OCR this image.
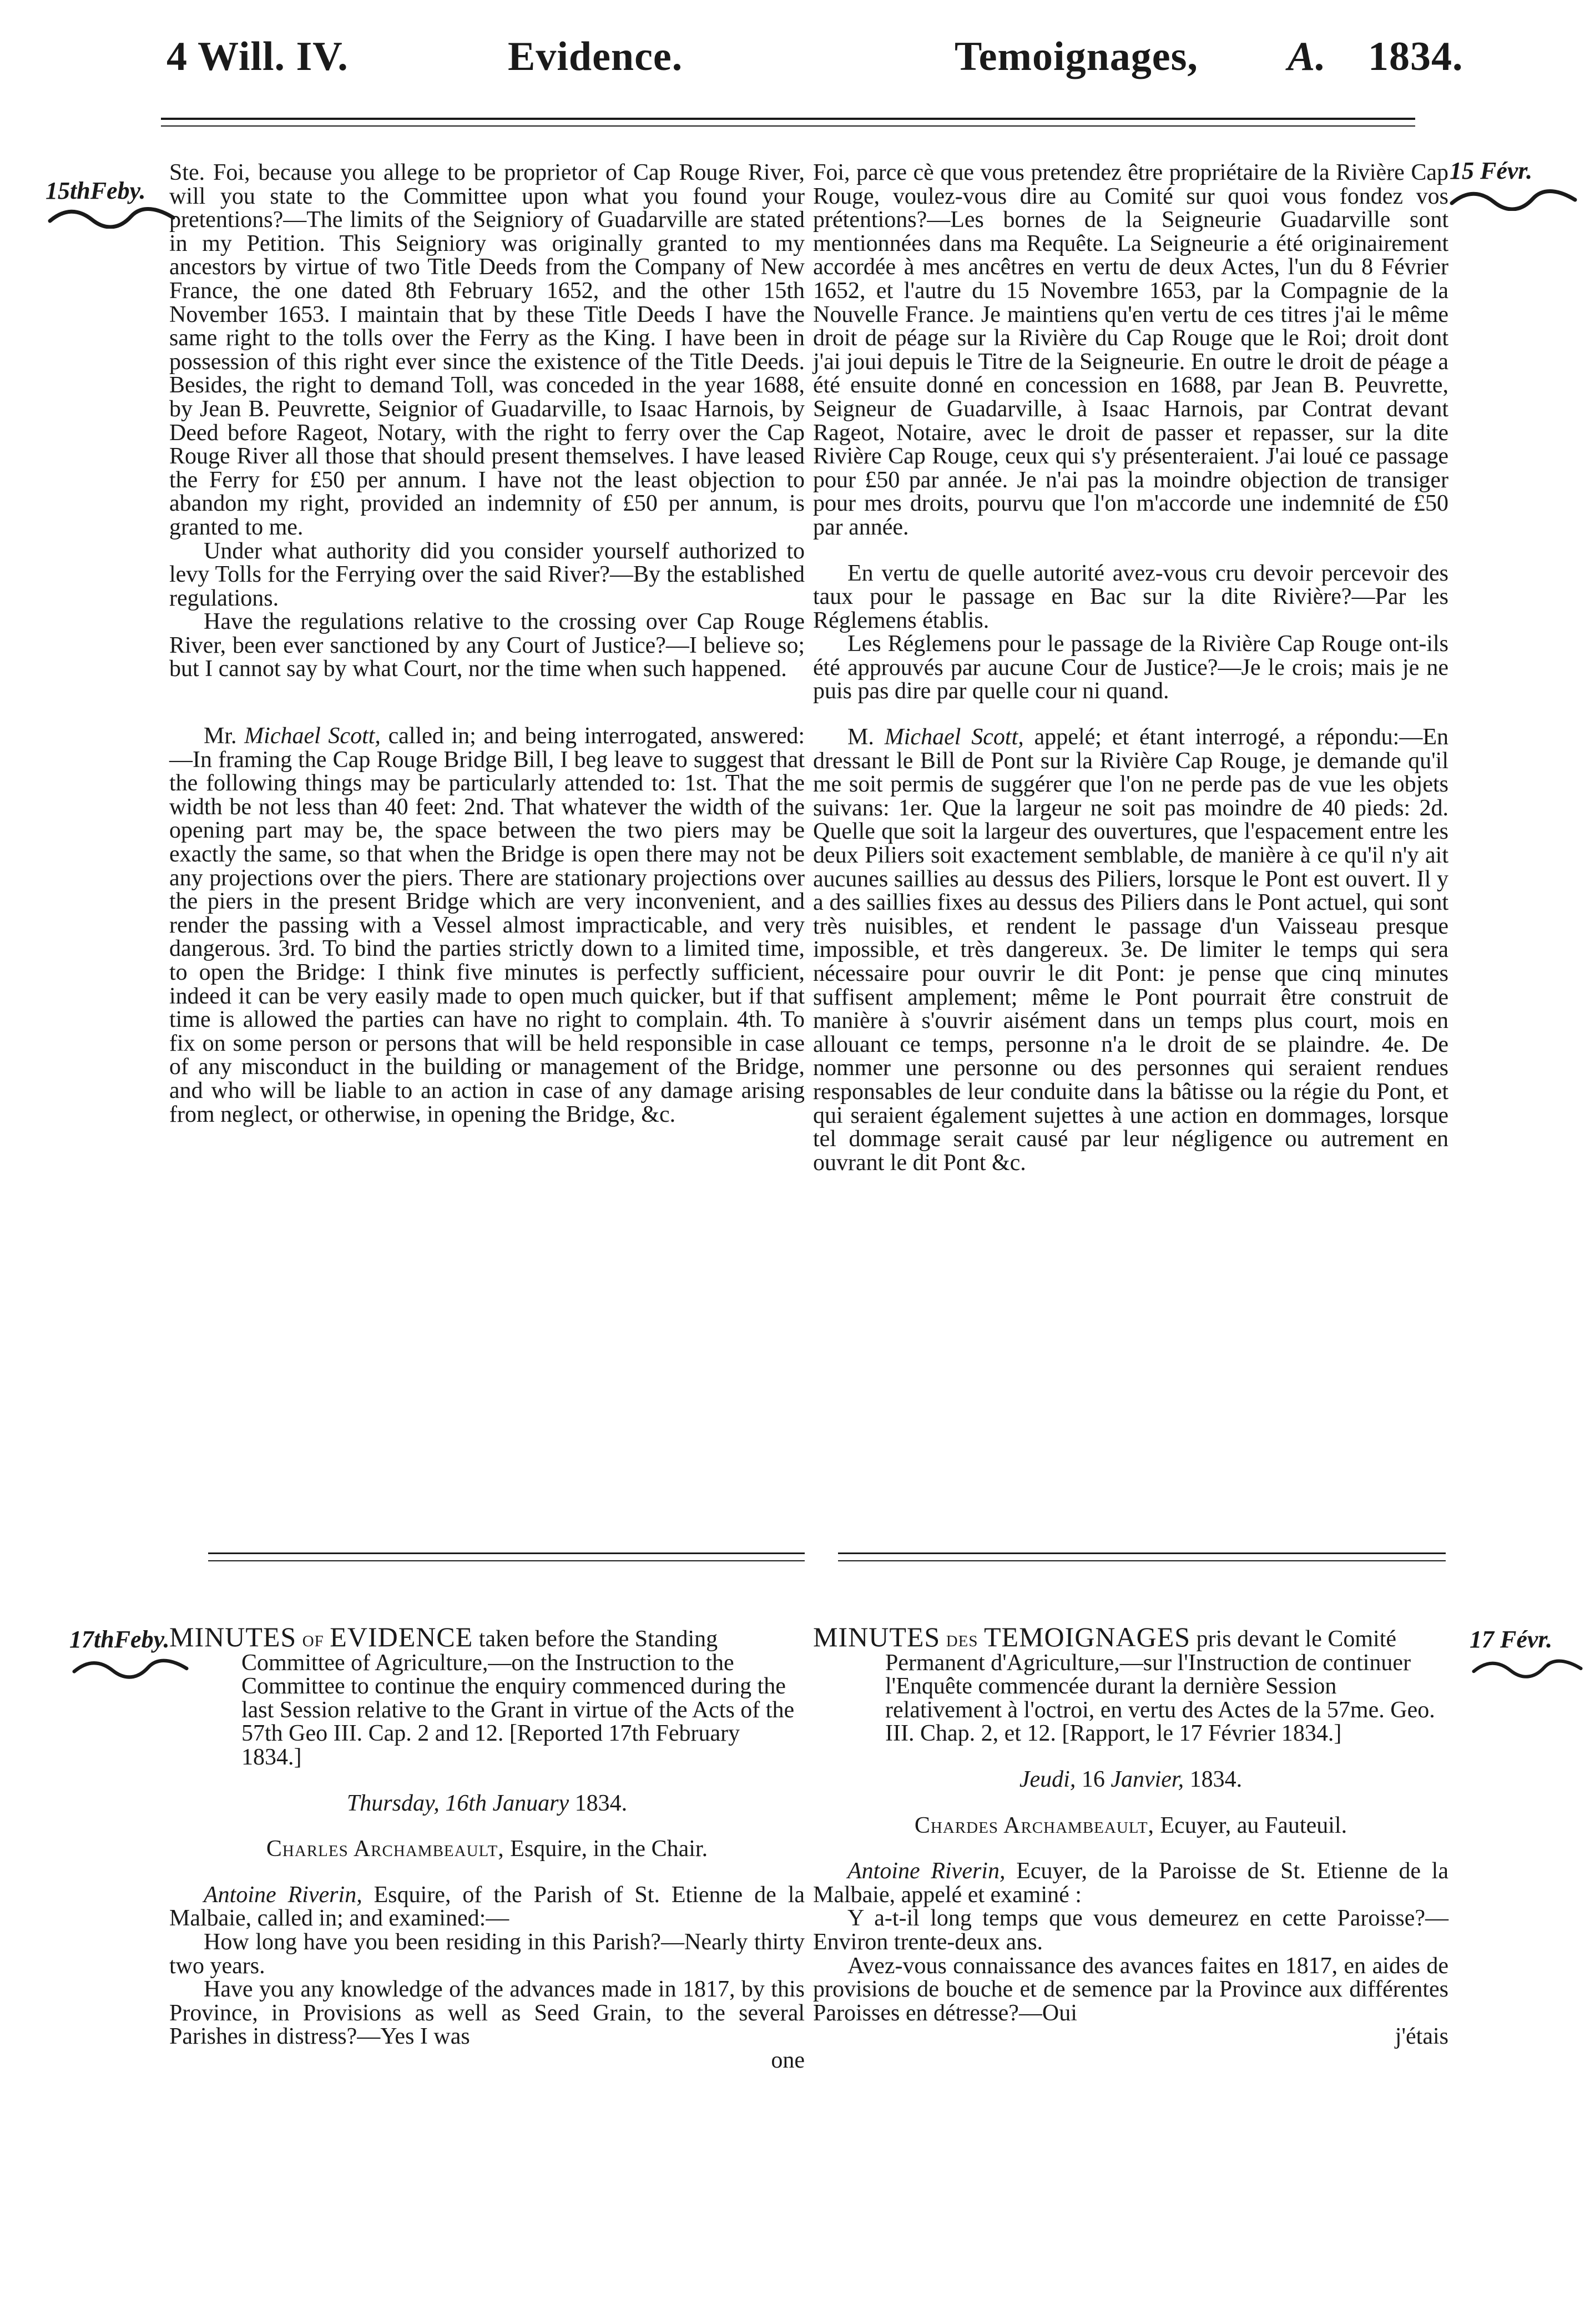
4 Will. IV.	Evidence.	Temoignages, A. 1834.
15thFeby.
15 Févr.

Ste. Foi, because you allege to be proprietor of Cap Rouge River, will you state to the Committee upon what you found your pretentions?—The limits of the Seigniory of Guadarville are stated in my Petition. This Seigniory was originally granted to my ancestors by virtue of two Title Deeds from the Company of New France, the one dated 8th February 1652, and the other 15th November 1653. I maintain that by these Title Deeds I have the same right to the tolls over the Ferry as the King. I have been in possession of this right ever since the existence of the Title Deeds. Besides, the right to demand Toll, was conceded in the year 1688, by Jean B. Peuvrette, Seignior of Guadarville, to Isaac Harnois, by Deed before Rageot, Notary, with the right to ferry over the Cap Rouge River all those that should present themselves. I have leased the Ferry for £50 per annum. I have not the least objection to abandon my right, provided an indemnity of £50 per annum, is granted to me.

Under what authority did you consider yourself authorized to levy Tolls for the Ferrying over the said River?—By the established regulations.

Have the regulations relative to the crossing over Cap Rouge River, been ever sanctioned by any Court of Justice?—I believe so; but I cannot say by what Court, nor the time when such happened.

Mr. Michael Scott, called in; and being interrogated, answered:—In framing the Cap Rouge Bridge Bill, I beg leave to suggest that the following things may be particularly attended to: 1st. That the width be not less than 40 feet: 2nd. That whatever the width of the opening part may be, the space between the two piers may be exactly the same, so that when the Bridge is open there may not be any projections over the piers. There are stationary projections over the piers in the present Bridge which are very inconvenient, and render the passing with a Vessel almost impracticable, and very dangerous. 3rd. To bind the parties strictly down to a limited time, to open the Bridge: I think five minutes is perfectly sufficient, indeed it can be very easily made to open much quicker, but if that time is allowed the parties can have no right to complain. 4th. To fix on some person or persons that will be held responsible in case of any misconduct in the building or management of the Bridge, and who will be liable to an action in case of any damage arising from neglect, or otherwise, in opening the Bridge, &c.

Foi, parce cè que vous pretendez être propriétaire de la Rivière Cap Rouge, voulez-vous dire au Comité sur quoi vous fondez vos prétentions?—Les bornes de la Seigneurie Guadarville sont mentionnées dans ma Requête. La Seigneurie a été originairement accordée à mes ancêtres en vertu de deux Actes, l'un du 8 Février 1652, et l'autre du 15 Novembre 1653, par la Compagnie de la Nouvelle France. Je maintiens qu'en vertu de ces titres j'ai le même droit de péage sur la Rivière du Cap Rouge que le Roi; droit dont j'ai joui depuis le Titre de la Seigneurie. En outre le droit de péage a été ensuite donné en concession en 1688, par Jean B. Peuvrette, Seigneur de Guadarville, à Isaac Harnois, par Contrat devant Rageot, Notaire, avec le droit de passer et repasser, sur la dite Rivière Cap Rouge, ceux qui s'y présenteraient. J'ai loué ce passage pour £50 par année. Je n'ai pas la moindre objection de transiger pour mes droits, pourvu que l'on m'accorde une indemnité de £50 par année.

En vertu de quelle autorité avez-vous cru devoir percevoir des taux pour le passage en Bac sur la dite Rivière?—Par les Réglemens établis.

Les Réglemens pour le passage de la Rivière Cap Rouge ont-ils été approuvés par aucune Cour de Justice?—Je le crois; mais je ne puis pas dire par quelle cour ni quand.

M. Michael Scott, appelé; et étant interrogé, a répondu:—En dressant le Bill de Pont sur la Rivière Cap Rouge, je demande qu'il me soit permis de suggérer que l'on ne perde pas de vue les objets suivans: 1er. Que la largeur ne soit pas moindre de 40 pieds: 2d. Quelle que soit la largeur des ouvertures, que l'espacement entre les deux Piliers soit exactement semblable, de manière à ce qu'il n'y ait aucunes saillies au dessus des Piliers, lorsque le Pont est ouvert. Il y a des saillies fixes au dessus des Piliers dans le Pont actuel, qui sont très nuisibles, et rendent le passage d'un Vaisseau presque impossible, et très dangereux. 3e. De limiter le temps qui sera nécessaire pour ouvrir le dit Pont: je pense que cinq minutes suffisent amplement; même le Pont pourrait être construit de manière à s'ouvrir aisément dans un temps plus court, mois en allouant ce temps, personne n'a le droit de se plaindre. 4e. De nommer une personne ou des personnes qui seraient rendues responsables de leur conduite dans la bâtisse ou la régie du Pont, et qui seraient également sujettes à une action en dommages, lorsque tel dommage serait causé par leur négligence ou autrement en ouvrant le dit Pont &c.

17thFeby.	17 Févr.

MINUTES of EVIDENCE taken before the Standing Committee of Agriculture,—on the Instruction to the Committee to continue the enquiry commenced during the last Session relative to the Grant in virtue of the Acts of the 57th Geo III. Cap. 2 and 12. [Reported 17th February 1834.]

Thursday, 16th January 1834.

Charles Archambeault, Esquire, in the Chair.

Antoine Riverin, Esquire, of the Parish of St. Etienne de la Malbaie, called in; and examined:—

How long have you been residing in this Parish?—Nearly thirty two years.

Have you any knowledge of the advances made in 1817, by this Province, in Provisions as well as Seed Grain, to the several Parishes in distress?—Yes I was

one

MINUTES des TEMOIGNAGES pris devant le Comité Permanent d'Agriculture,—sur l'Instruction de continuer l'Enquête commencée durant la dernière Session relativement à l'octroi, en vertu des Actes de la 57me. Geo. III. Chap. 2, et 12. [Rapport, le 17 Février 1834.]

Jeudi, 16 Janvier, 1834.

Chardes Archambeault, Ecuyer, au Fauteuil.

Antoine Riverin, Ecuyer, de la Paroisse de St. Etienne de la Malbaie, appelé et examiné :

Y a-t-il long temps que vous demeurez en cette Paroisse?—Environ trente-deux ans.

Avez-vous connaissance des avances faites en 1817, en aides de provisions de bouche et de semence par la Province aux différentes Paroisses en détresse?—Oui

j'étais
